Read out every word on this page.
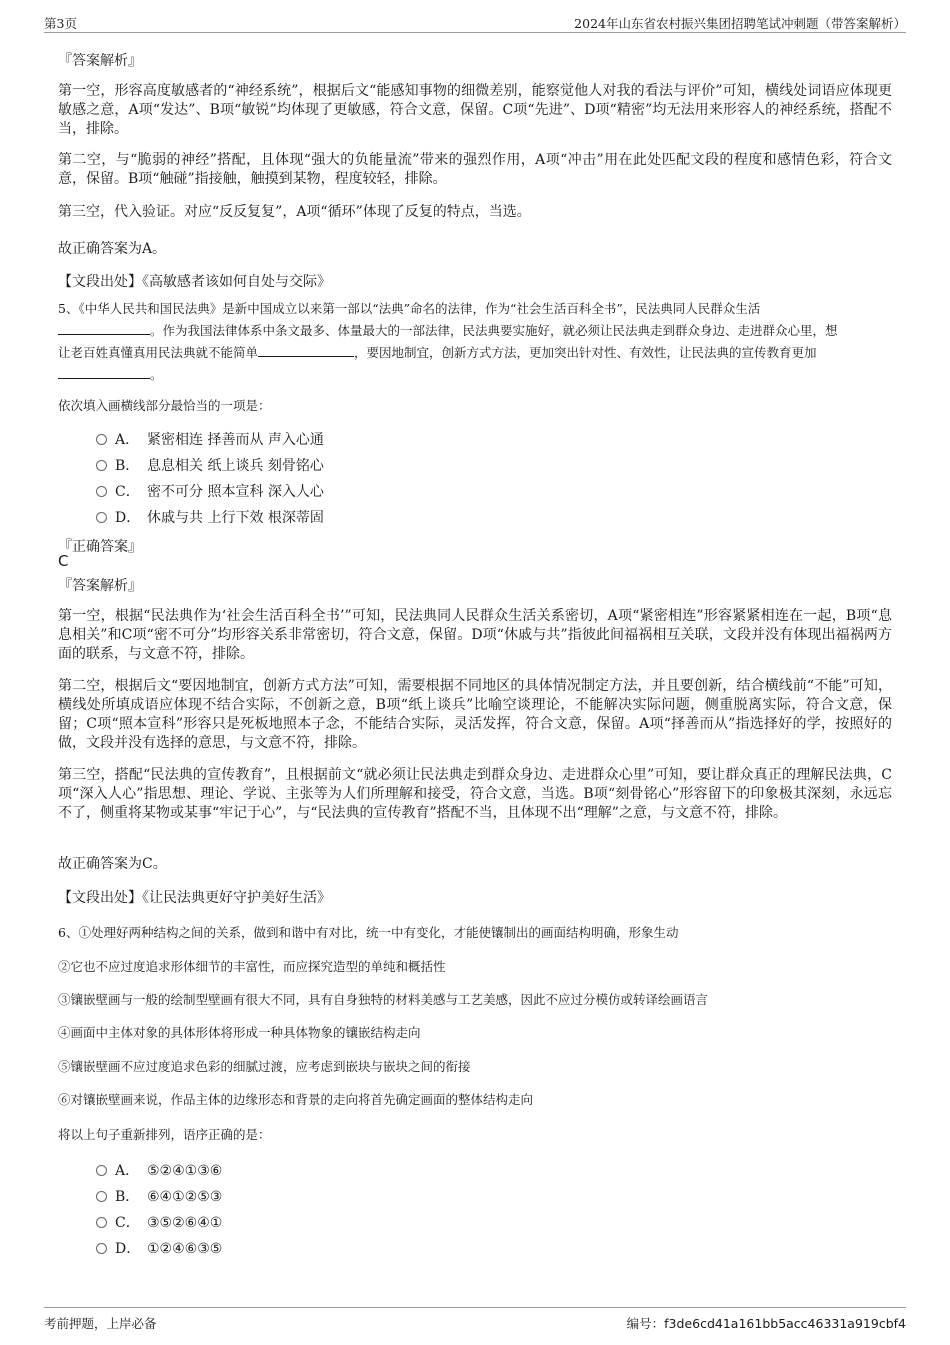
第3页	2024年山东省农村振兴集团招聘笔试冲刺题（带答案解析）
『答案解析』
第一空，形容高度敏感者的“神经系统”，根据后文“能感知事物的细微差别，能察觉他人对我的看法与评价”可知，横线处词语应体现更敏感之意，A项“发达”、B项“敏锐”均体现了更敏感，符合文意，保留。C项“先进”、D项“精密”均无法用来形容人的神经系统，搭配不当，排除。
第二空，与“脆弱的神经”搭配，且体现“强大的负能量流”带来的强烈作用，A项“冲击”用在此处匹配文段的程度和感情色彩，符合文意，保留。B项“触碰”指接触，触摸到某物，程度较轻，排除。
第三空，代入验证。对应“反反复复”，A项“循环”体现了反复的特点，当选。
故正确答案为A。
【文段出处】《高敏感者该如何自处与交际》
5、《中华人民共和国民法典》是新中国成立以来第一部以“法典”命名的法律，作为“社会生活百科全书”，民法典同人民群众生活
。作为我国法律体系中条文最多、体量最大的一部法律，民法典要实施好，就必须让民法典走到群众身边、走进群众心里，想
让老百姓真懂真用民法典就不能简单	，要因地制宜，创新方式方法，更加突出针对性、有效性，让民法典的宣传教育更加
。
依次填入画横线部分最恰当的一项是：
A． 紧密相连 择善而从 声入心通
B． 息息相关 纸上谈兵 刻骨铭心
C． 密不可分 照本宣科 深入人心
D． 休戚与共 上行下效 根深蒂固
『正确答案』
C
『答案解析』
第一空，根据“民法典作为‘社会生活百科全书’”可知，民法典同人民群众生活关系密切，A项“紧密相连”形容紧紧相连在一起，B项“息息相关”和C项“密不可分”均形容关系非常密切，符合文意，保留。D项“休戚与共”指彼此间福祸相互关联，文段并没有体现出福祸两方面的联系，与文意不符，排除。
第二空，根据后文“要因地制宜，创新方式方法”可知，需要根据不同地区的具体情况制定方法，并且要创新，结合横线前“不能”可知，横线处所填成语应体现不结合实际，不创新之意，B项“纸上谈兵”比喻空谈理论，不能解决实际问题，侧重脱离实际，符合文意，保留；C项“照本宣科”形容只是死板地照本子念，不能结合实际，灵活发挥，符合文意，保留。A项“择善而从”指选择好的学，按照好的做，文段并没有选择的意思，与文意不符，排除。
第三空，搭配“民法典的宣传教育”，且根据前文“就必须让民法典走到群众身边、走进群众心里”可知，要让群众真正的理解民法典，C项“深入人心”指思想、理论、学说、主张等为人们所理解和接受，符合文意，当选。B项“刻骨铭心”形容留下的印象极其深刻，永远忘不了，侧重将某物或某事“牢记于心”，与“民法典的宣传教育”搭配不当，且体现不出“理解”之意，与文意不符，排除。
故正确答案为C。
【文段出处】《让民法典更好守护美好生活》
6、①处理好两种结构之间的关系，做到和谐中有对比，统一中有变化，才能使镶制出的画面结构明确，形象生动
②它也不应过度追求形体细节的丰富性，而应探究造型的单纯和概括性
③镶嵌壁画与一般的绘制型壁画有很大不同，具有自身独特的材料美感与工艺美感，因此不应过分模仿或转译绘画语言
④画面中主体对象的具体形体将形成一种具体物象的镶嵌结构走向
⑤镶嵌壁画不应过度追求色彩的细腻过渡，应考虑到嵌块与嵌块之间的衔接
⑥对镶嵌壁画来说，作品主体的边缘形态和背景的走向将首先确定画面的整体结构走向
将以上句子重新排列，语序正确的是：
A． ⑤②④①③⑥
B． ⑥④①②⑤③
C． ③⑤②⑥④①
D． ①②④⑥③⑤
考前押题，上岸必备	编号：f3de6cd41a161bb5acc46331a919cbf4
